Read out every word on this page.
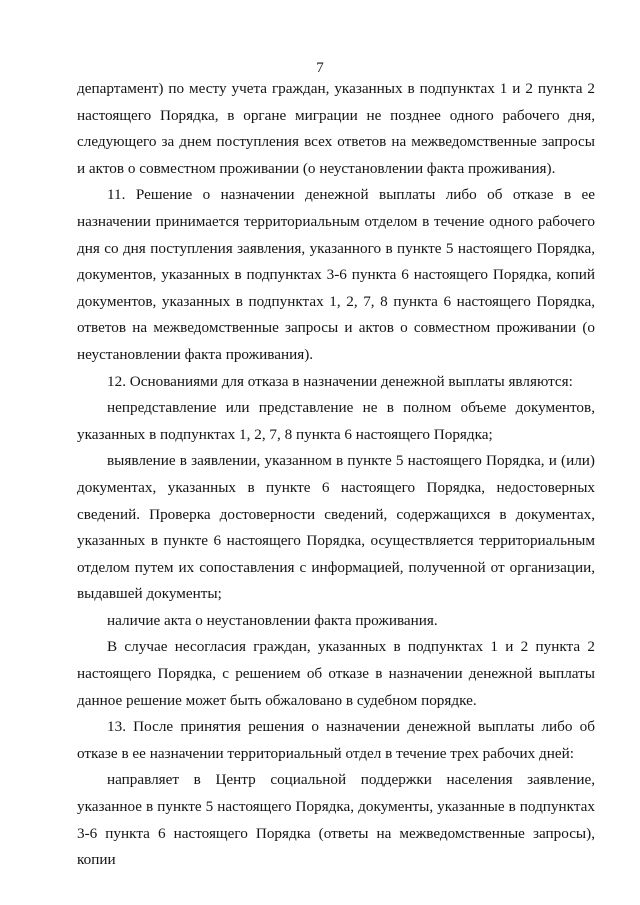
7

департамент) по месту учета граждан, указанных в подпунктах 1 и 2 пункта 2 настоящего Порядка, в органе миграции не позднее одного рабочего дня, следующего за днем поступления всех ответов на межведомственные запросы и актов о совместном проживании (о неустановлении факта проживания).

11. Решение о назначении денежной выплаты либо об отказе в ее назначении принимается территориальным отделом в течение одного рабочего дня со дня поступления заявления, указанного в пункте 5 настоящего Порядка, документов, указанных в подпунктах 3-6 пункта 6 настоящего Порядка, копий документов, указанных в подпунктах 1, 2, 7, 8 пункта 6 настоящего Порядка, ответов на межведомственные запросы и актов о совместном проживании (о неустановлении факта проживания).

12. Основаниями для отказа в назначении денежной выплаты являются:

непредставление или представление не в полном объеме документов, указанных в подпунктах 1, 2, 7, 8 пункта 6 настоящего Порядка;

выявление в заявлении, указанном в пункте 5 настоящего Порядка, и (или) документах, указанных в пункте 6 настоящего Порядка, недостоверных сведений. Проверка достоверности сведений, содержащихся в документах, указанных в пункте 6 настоящего Порядка, осуществляется территориальным отделом путем их сопоставления с информацией, полученной от организации, выдавшей документы;

наличие акта о неустановлении факта проживания.

В случае несогласия граждан, указанных в подпунктах 1 и 2 пункта 2 настоящего Порядка, с решением об отказе в назначении денежной выплаты данное решение может быть обжаловано в судебном порядке.

13. После принятия решения о назначении денежной выплаты либо об отказе в ее назначении территориальный отдел в течение трех рабочих дней:

направляет в Центр социальной поддержки населения заявление, указанное в пункте 5 настоящего Порядка, документы, указанные в подпунктах 3-6 пункта 6 настоящего Порядка (ответы на межведомственные запросы), копии
